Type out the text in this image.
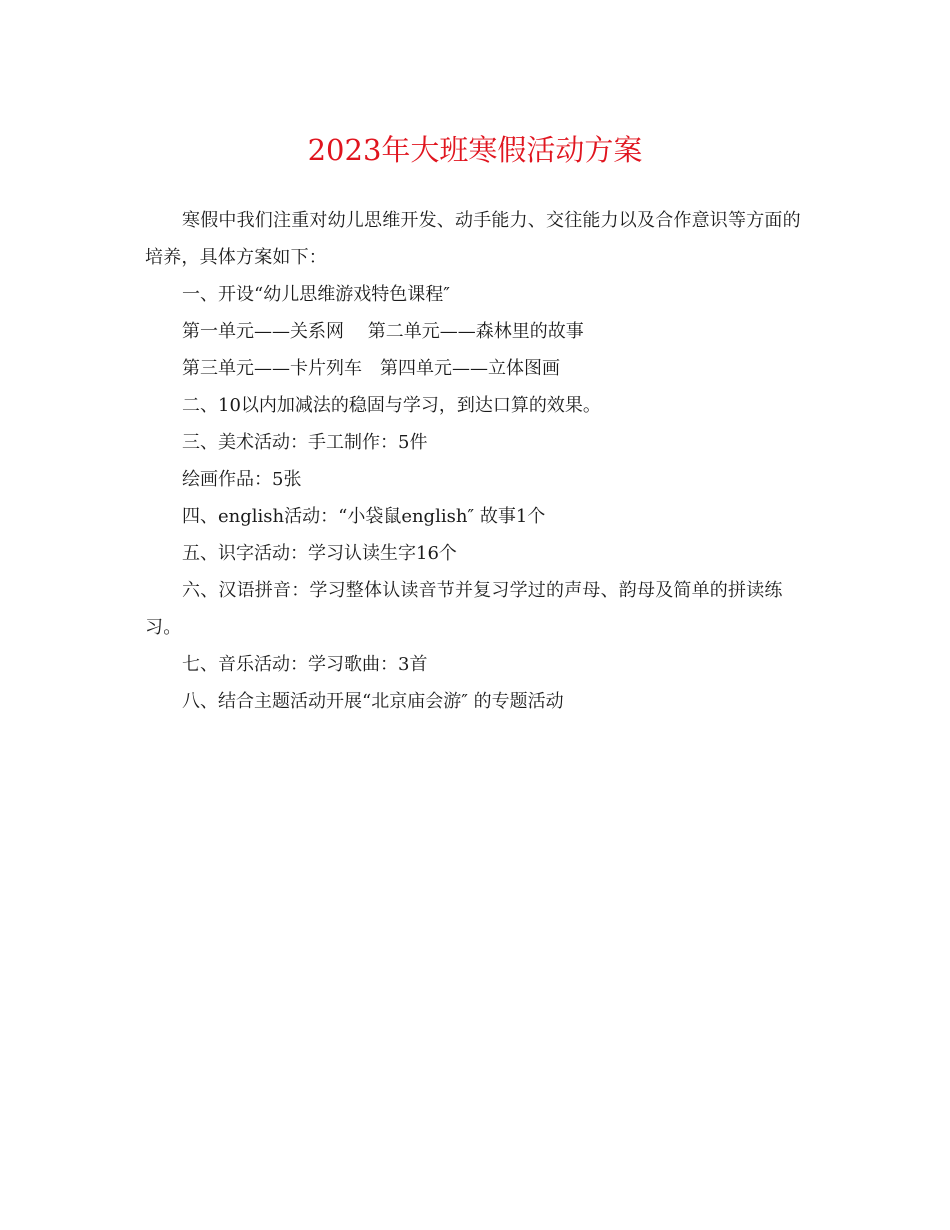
2023年大班寒假活动方案

寒假中我们注重对幼儿思维开发、动手能力、交往能力以及合作意识等方面的培养，具体方案如下：

一、开设“幼儿思维游戏特色课程″

第一单元——关系网　 第二单元——森林里的故事

第三单元——卡片列车　第四单元——立体图画

二、10以内加减法的稳固与学习，到达口算的效果。

三、美术活动：手工制作：5件

绘画作品：5张

四、english活动：“小袋鼠english″ 故事1个

五、识字活动：学习认读生字16个

六、汉语拼音：学习整体认读音节并复习学过的声母、韵母及简单的拼读练习。

七、音乐活动：学习歌曲：3首

八、结合主题活动开展“北京庙会游″ 的专题活动
